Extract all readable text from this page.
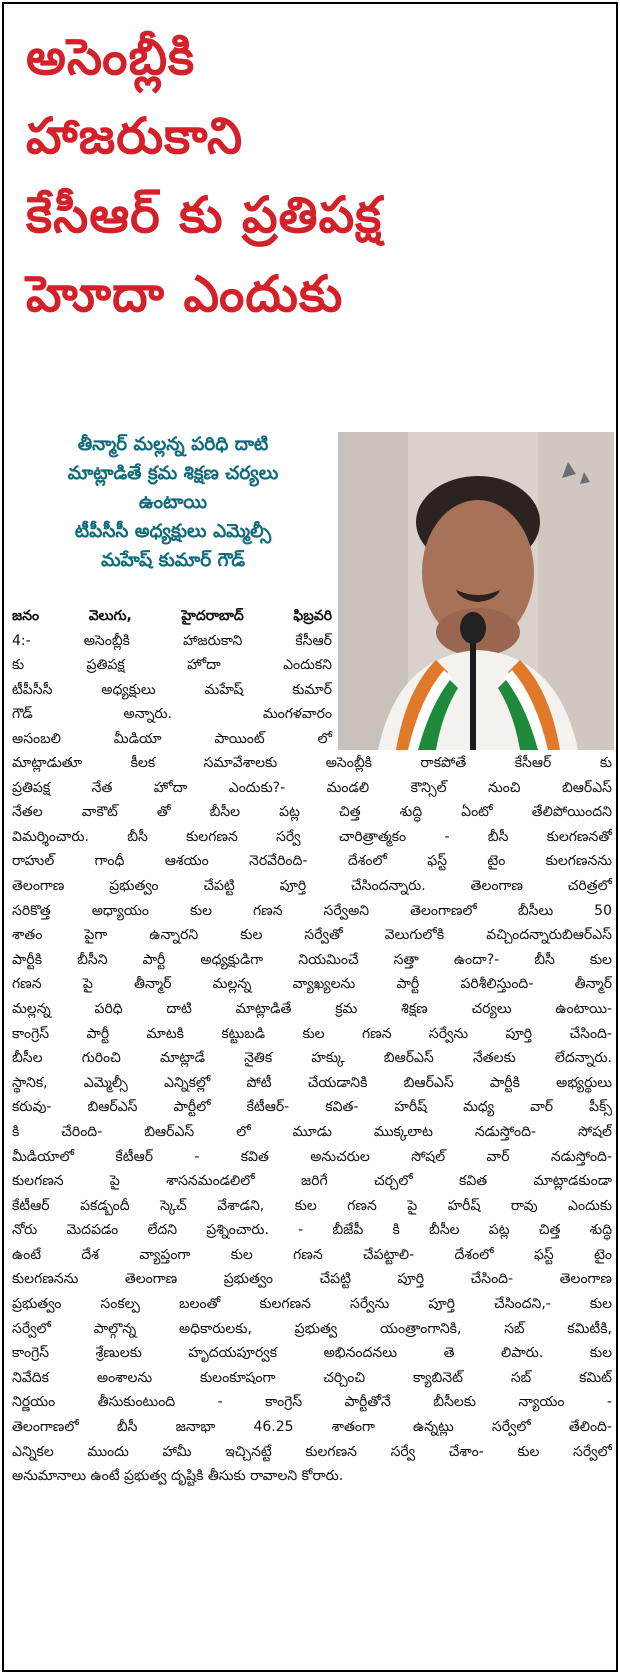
అసెంబ్లీకి
హాజరుకాని
కేసీఆర్ కు ప్రతిపక్ష
హెూదా ఎందుకు
తీన్మార్ మల్లన్న పరిధి దాటి
మాట్లాడితే క్రమ శిక్షణ చర్యలు
ఉంటాయి
టీపీసీసీ అధ్యక్షులు ఎమ్మెల్సీ
మహేష్ కుమార్ గౌడ్
జనం వెలుగు, హైదరాబాద్ ఫిబ్రవరి
4:- అసెంబ్లీకి హాజరుకాని కేసీఆర్
కు ప్రతిపక్ష హోదా ఎందుకని
టీపీసీసీ అధ్యక్షులు మహేష్ కుమార్
గౌడ్ అన్నారు. మంగళవారం
అసంబలి మీడియా పాయింట్ లో
మాట్లాడుతూ కీలక సమావేశాలకు అసెంబ్లీకి రాకపోతే కేసీఆర్ కు
ప్రతిపక్ష నేత హోదా ఎందుకు?- మండలి కౌన్సిల్ నుంచి బిఆర్ఎస్
నేతల వాకౌట్ తో బీసీల పట్ల చిత్త శుద్ధి ఏంటో తేలిపోయిందని
విమర్శించారు. బీసీ కులగణన సర్వే చారిత్రాత్మకం - బీసీ కులగణనతో
రాహుల్ గాంధీ ఆశయం నెరవేరింది- దేశంలో ఫస్ట్ టైం కులగణనను
తెలంగాణ ప్రభుత్వం చేపట్టి పూర్తి చేసిందన్నారు. తెలంగాణ చరిత్రలో
సరికొత్త అధ్యాయం కుల గణన సర్వేఅని తెలంగాణలో బీసీలు 50
శాతం పైగా ఉన్నారని కుల సర్వేతో వెలుగులోకి వచ్చిందన్నారుబిఆర్ఎస్
పార్టీకి బీసీని పార్టీ అధ్యక్షుడిగా నియమించే సత్తా ఉందా?- బీసీ కుల
గణన పై తీన్మార్ మల్లన్న వ్యాఖ్యలను పార్టీ పరిశీలిస్తుంది- తీన్మార్
మల్లన్న పరిధి దాటి మాట్లాడితే క్రమ శిక్షణ చర్యలు ఉంటాయి-
కాంగ్రెస్ పార్టీ మాటకి కట్టుబడి కుల గణన సర్వేను పూర్తి చేసింది-
బీసీల గురించి మాట్లాడే నైతిక హక్కు బిఆర్ఎస్ నేతలకు లేదన్నారు.
స్థానిక, ఎమ్మెల్సీ ఎన్నికల్లో పోటీ చేయడానికి బిఆర్ఎస్ పార్టీకి అభ్యర్థులు
కరువు- బిఆర్ఎస్ పార్టీలో కేటీఆర్- కవిత- హరీష్ మధ్య వార్ పీక్స్
కి చేరింది- బిఆర్ఎస్ లో మూడు ముక్కలాట నడుస్తోంది- సోషల్
మీడియాలో కేటీఆర్ - కవిత అనుచరుల సోషల్ వార్ నడుస్తోంది-
కులగణన పై శాసనమండలిలో జరిగే చర్చలో కవిత మాట్లాడకుండా
కేటీఆర్ పకడ్బందీ స్కెచ్ వేశాడని, కుల గణన పై హరీష్ రావు ఎందుకు
నోరు మెదపడం లేదని ప్రశ్నించారు. - బీజేపీ కి బీసీల పట్ల చిత్త శుద్ధి
ఉంటే దేశ వ్యాప్తంగా కుల గణన చేపట్టాలి- దేశంలో ఫస్ట్ టైం
కులగణనను తెలంగాణ ప్రభుత్వం చేపట్టి పూర్తి చేసింది- తెలంగాణ
ప్రభుత్వం సంకల్ప బలంతో కులగణన సర్వేను పూర్తి చేసిందని,- కుల
సర్వేలో పాల్గొన్న అధికారులకు, ప్రభుత్వ యంత్రాంగానికి, సబ్ కమిటీకి,
కాంగ్రెస్ శ్రేణులకు హృదయపూర్వక అభినందనలు తె లిపారు. కుల
నివేదిక అంశాలను కులంకూషంగా చర్చించి క్యాబినెట్ సబ్ కమిట్
నిర్ణయం తీసుకుంటుంది - కాంగ్రెస్ పార్టీతోనే బీసీలకు న్యాయం -
తెలంగాణలో బీసీ జనాభా 46.25 శాతంగా ఉన్నట్లు సర్వేలో తేలింది-
ఎన్నికల ముందు హామీ ఇచ్చినట్టే కులగణన సర్వే చేశాం- కుల సర్వేలో
అనుమానాలు ఉంటే ప్రభుత్వ దృష్టికి తీసుకు రావాలని కోరారు.
